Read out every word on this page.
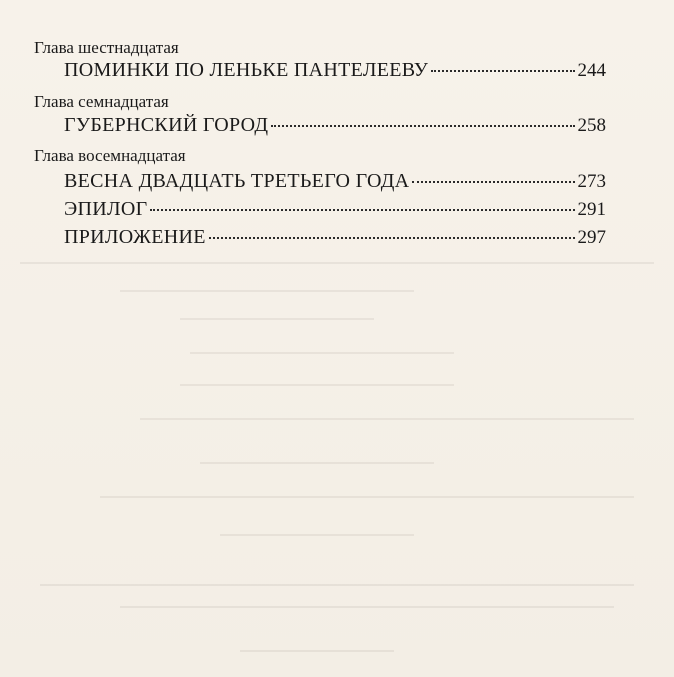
Глава шестнадцатая
ПОМИНКИ ПО ЛЕНЬКЕ ПАНТЕЛЕЕВУ	244
Глава семнадцатая
ГУБЕРНСКИЙ ГОРОД	258
Глава восемнадцатая
ВЕСНА ДВАДЦАТЬ ТРЕТЬЕГО ГОДА	273
ЭПИЛОГ	291
ПРИЛОЖЕНИЕ	297
